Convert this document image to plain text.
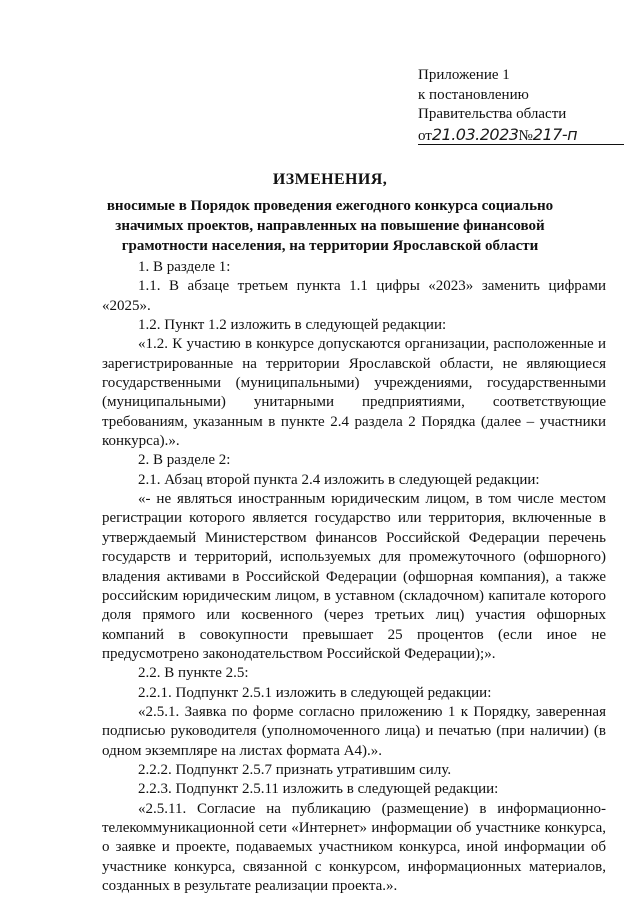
Приложение 1
к постановлению
Правительства области
от21.03.2023№217-п
ИЗМЕНЕНИЯ,
вносимые в Порядок проведения ежегодного конкурса социально
значимых проектов, направленных на повышение финансовой
грамотности населения, на территории Ярославской области

1. В разделе 1:

1.1. В абзаце третьем пункта 1.1 цифры «2023» заменить цифрами «2025».

1.2. Пункт 1.2 изложить в следующей редакции:

«1.2. К участию в конкурсе допускаются организации, расположенные и зарегистрированные на территории Ярославской области, не являющиеся государственными (муниципальными) учреждениями, государственными (муниципальными) унитарными предприятиями, соответствующие требованиям, указанным в пункте 2.4 раздела 2 Порядка (далее – участники конкурса).».

2. В разделе 2:

2.1. Абзац второй пункта 2.4 изложить в следующей редакции:

«- не являться иностранным юридическим лицом, в том числе местом регистрации которого является государство или территория, включенные в утверждаемый Министерством финансов Российской Федерации перечень государств и территорий, используемых для промежуточного (офшорного) владения активами в Российской Федерации (офшорная компания), а также российским юридическим лицом, в уставном (складочном) капитале которого доля прямого или косвенного (через третьих лиц) участия офшорных компаний в совокупности превышает 25 процентов (если иное не предусмотрено законодательством Российской Федерации);».

2.2. В пункте 2.5:

2.2.1. Подпункт 2.5.1 изложить в следующей редакции:

«2.5.1. Заявка по форме согласно приложению 1 к Порядку, заверенная подписью руководителя (уполномоченного лица) и печатью (при наличии) (в одном экземпляре на листах формата А4).».

2.2.2. Подпункт 2.5.7 признать утратившим силу.

2.2.3. Подпункт 2.5.11 изложить в следующей редакции:

«2.5.11. Согласие на публикацию (размещение) в информационно-телекоммуникационной сети «Интернет» информации об участнике конкурса, о заявке и проекте, подаваемых участником конкурса, иной информации об участнике конкурса, связанной с конкурсом, информационных материалов, созданных в результате реализации проекта.».
